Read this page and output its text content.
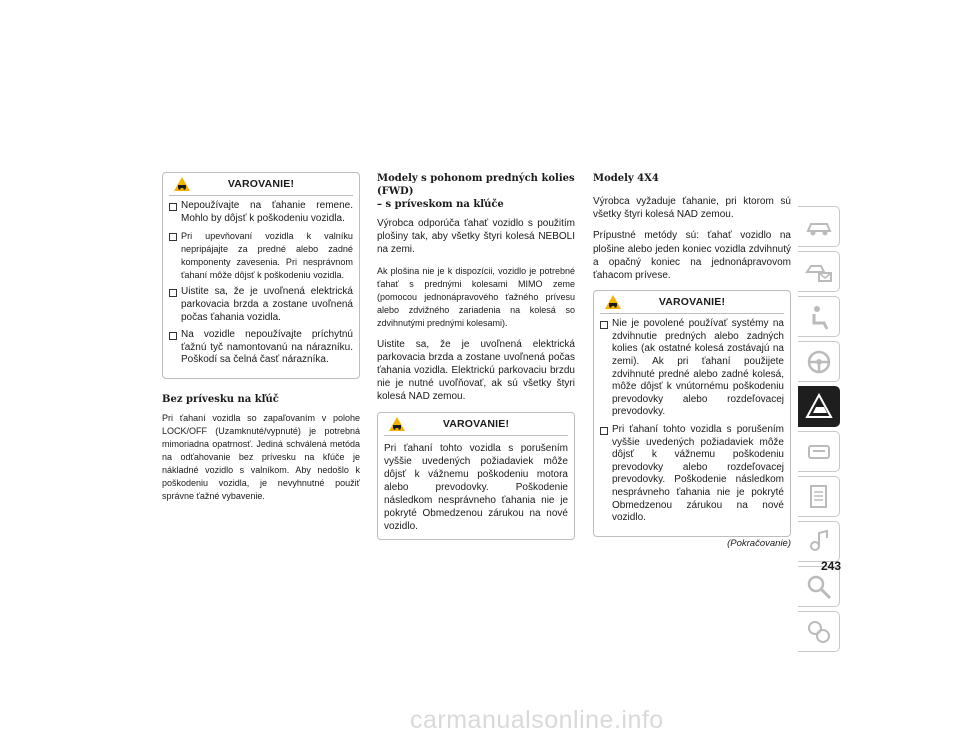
VAROVANIE!
Nepoužívajte na ťahanie remene. Mohlo by dôjsť k poškodeniu vozidla.
Pri upevňovaní vozidla k valníku nepripájajte za predné alebo zadné komponenty zavesenia. Pri nesprávnom ťahaní môže dôjsť k poškodeniu vozidla.
Uistite sa, že je uvoľnená elektrická parkovacia brzda a zostane uvoľnená počas ťahania vozidla.
Na vozidle nepoužívajte príchytnú ťažnú tyč namontovanú na nárazníku. Poškodí sa čelná časť nárazníka.
Bez prívesku na kľúč

Pri ťahaní vozidla so zapaľovaním v polohe LOCK/OFF (Uzamknuté/vypnuté) je potrebná mimoriadna opatrnosť. Jediná schválená metóda na odťahovanie bez prívesku na kľúče je nákladné vozidlo s valníkom. Aby nedošlo k poškodeniu vozidla, je nevyhnutné použiť správne ťažné vybavenie.

Modely s pohonom predných kolies (FWD)
– s príveskom na kľúče

Výrobca odporúča ťahať vozidlo s použitím plošiny tak, aby všetky štyri kolesá NEBOLI na zemi.

Ak plošina nie je k dispozícii, vozidlo je potrebné ťahať s prednými kolesami MIMO zeme (pomocou jednonápravového ťažného prívesu alebo zdvižného zariadenia na kolesá so zdvihnutými prednými kolesami).

Uistite sa, že je uvoľnená elektrická parkovacia brzda a zostane uvoľnená počas ťahania vozidla. Elektrickú parkovaciu brzdu nie je nutné uvoľňovať, ak sú všetky štyri kolesá NAD zemou.

VAROVANIE!

Pri ťahaní tohto vozidla s porušením vyššie uvedených požiadaviek môže dôjsť k vážnemu poškodeniu motora alebo prevodovky. Poškodenie následkom nesprávneho ťahania nie je pokryté Obmedzenou zárukou na nové vozidlo.

Modely 4X4

Výrobca vyžaduje ťahanie, pri ktorom sú všetky štyri kolesá NAD zemou.

Prípustné metódy sú: ťahať vozidlo na plošine alebo jeden koniec vozidla zdvihnutý a opačný koniec na jednonápravovom ťahacom prívese.

VAROVANIE!
Nie je povolené používať systémy na zdvihnutie predných alebo zadných kolies (ak ostatné kolesá zostávajú na zemi). Ak pri ťahaní použijete zdvihnuté predné alebo zadné kolesá, môže dôjsť k vnútornému poškodeniu prevodovky alebo rozdeľovacej prevodovky.
Pri ťahaní tohto vozidla s porušením vyššie uvedených požiadaviek môže dôjsť k vážnemu poškodeniu prevodovky alebo rozdeľovacej prevodovky. Poškodenie následkom nesprávneho ťahania nie je pokryté Obmedzenou zárukou na nové vozidlo.
(Pokračovanie)
243
carmanualsonline.info
